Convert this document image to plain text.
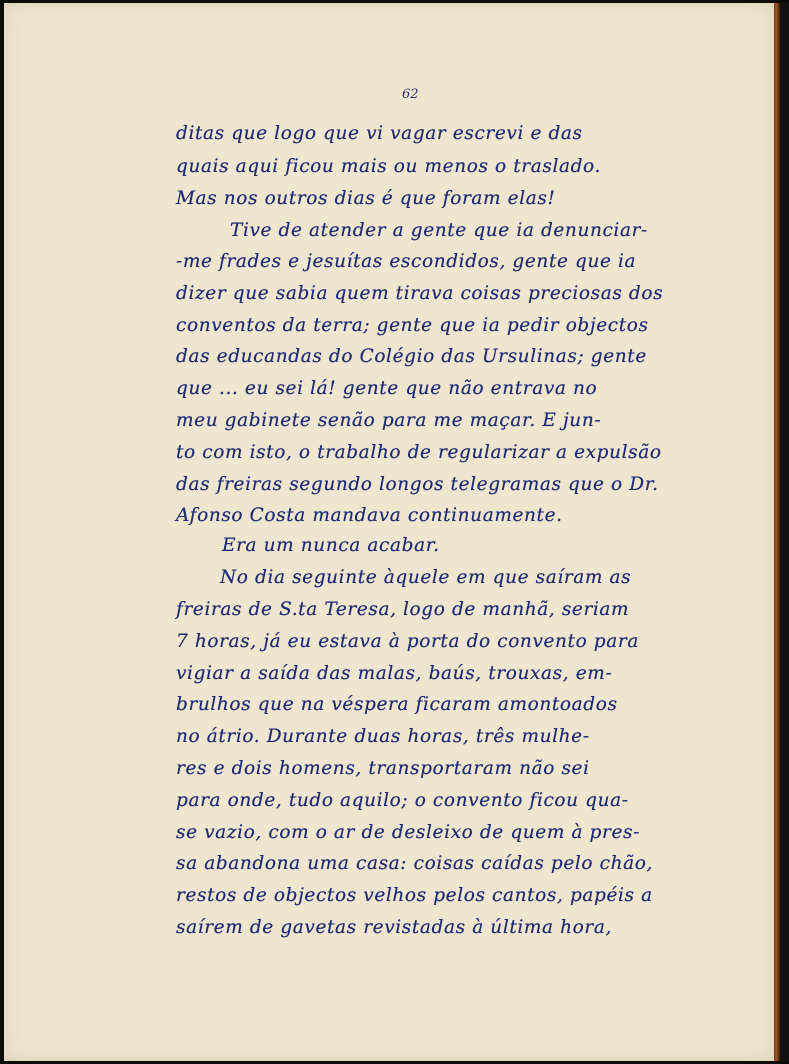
62
ditas que logo que vi vagar escrevi e das
quais aqui ficou mais ou menos o traslado.
Mas nos outros dias é que foram elas!
Tive de atender a gente que ia denunciar-
-me frades e jesuítas escondidos, gente que ia
dizer que sabia quem tirava coisas preciosas dos
conventos da terra; gente que ia pedir objectos
das educandas do Colégio das Ursulinas; gente
que ... eu sei lá! gente que não entrava no
meu gabinete senão para me maçar. E jun-
to com isto, o trabalho de regularizar a expulsão
das freiras segundo longos telegramas que o Dr.
Afonso Costa mandava continuamente.
Era um nunca acabar.
No dia seguinte àquele em que saíram as
freiras de S.ta Teresa, logo de manhã, seriam
7 horas, já eu estava à porta do convento para
vigiar a saída das malas, baús, trouxas, em-
brulhos que na véspera ficaram amontoados
no átrio. Durante duas horas, três mulhe-
res e dois homens, transportaram não sei
para onde, tudo aquilo; o convento ficou qua-
se vazio, com o ar de desleixo de quem à pres-
sa abandona uma casa: coisas caídas pelo chão,
restos de objectos velhos pelos cantos, papéis a
saírem de gavetas revistadas à última hora,
